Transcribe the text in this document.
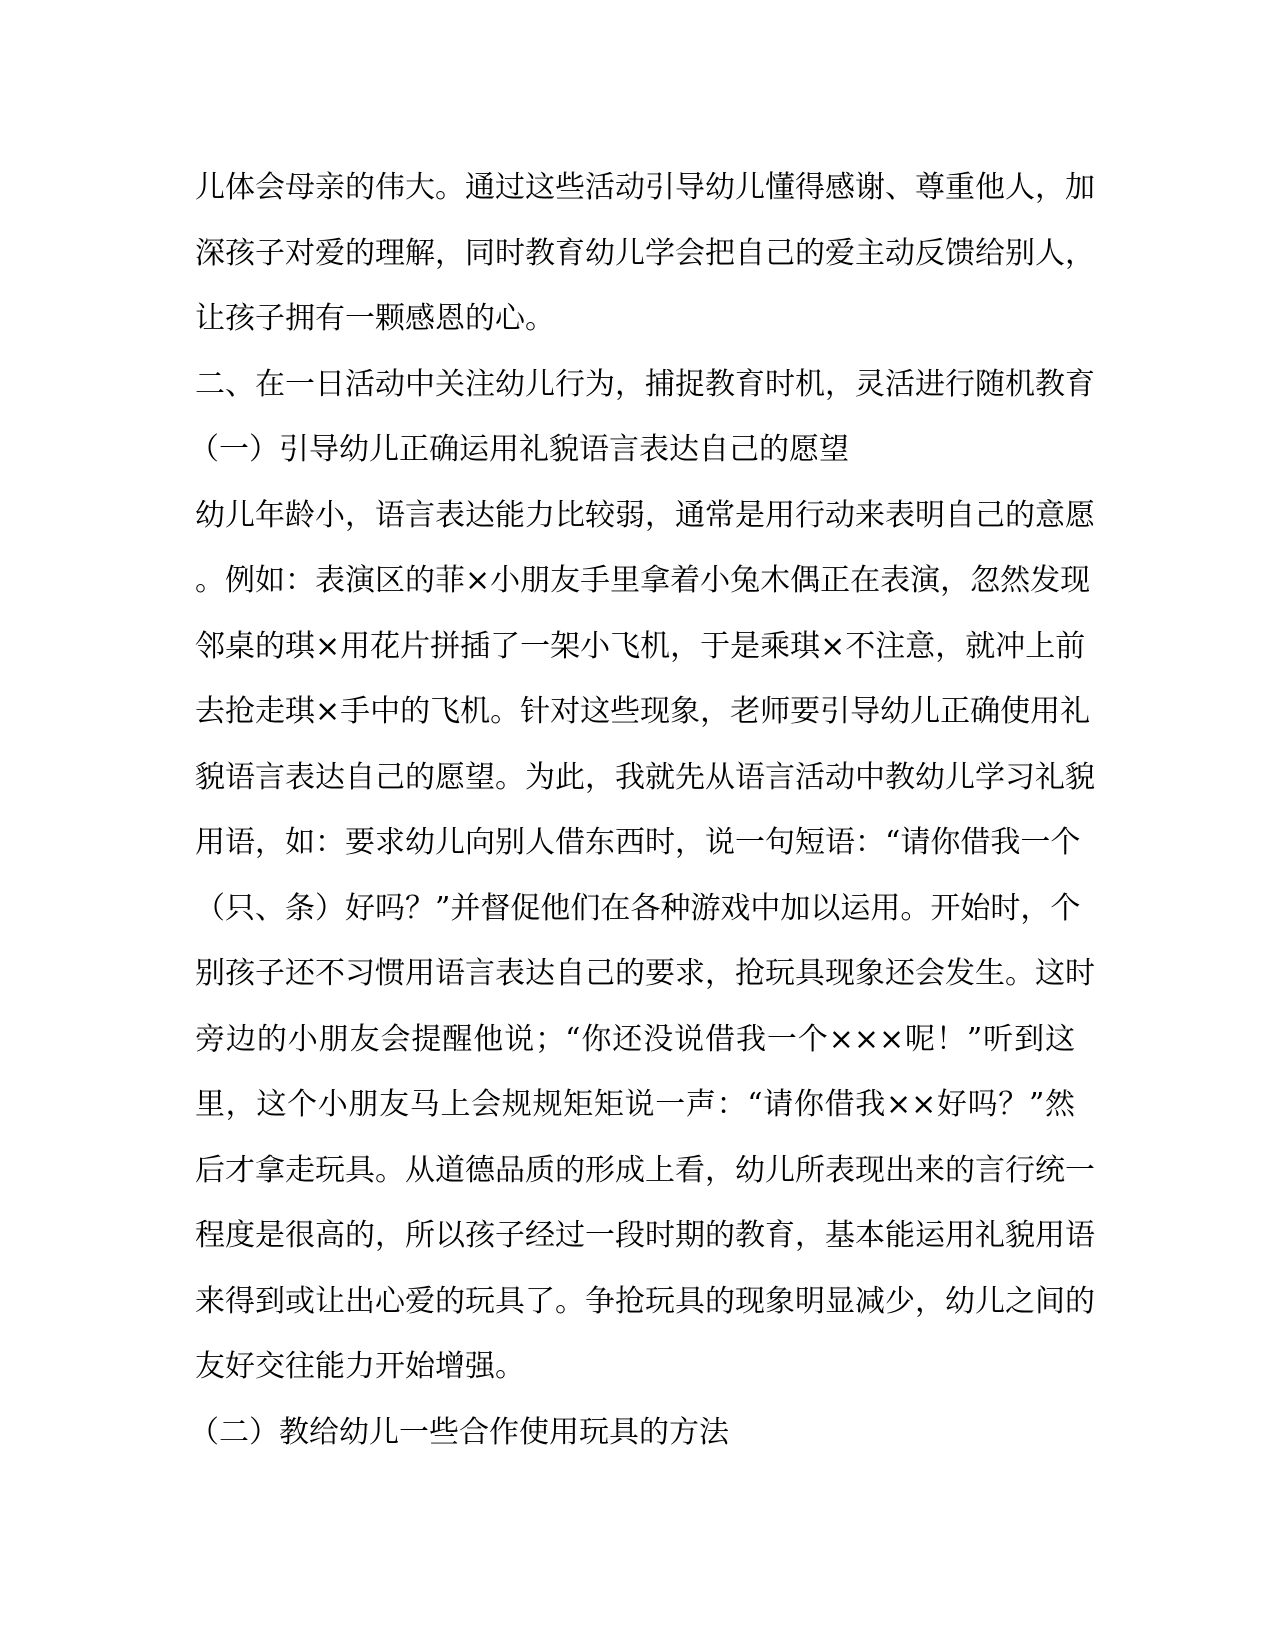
儿体会母亲的伟大。通过这些活动引导幼儿懂得感谢、尊重他人，加
深孩子对爱的理解，同时教育幼儿学会把自己的爱主动反馈给别人，
让孩子拥有一颗感恩的心。
二、在一日活动中关注幼儿行为，捕捉教育时机，灵活进行随机教育
（一）引导幼儿正确运用礼貌语言表达自己的愿望
幼儿年龄小，语言表达能力比较弱，通常是用行动来表明自己的意愿
。例如：表演区的菲×小朋友手里拿着小兔木偶正在表演，忽然发现
邻桌的琪×用花片拼插了一架小飞机，于是乘琪×不注意，就冲上前
去抢走琪×手中的飞机。针对这些现象，老师要引导幼儿正确使用礼
貌语言表达自己的愿望。为此，我就先从语言活动中教幼儿学习礼貌
用语，如：要求幼儿向别人借东西时，说一句短语：“请你借我一个
（只、条）好吗？”并督促他们在各种游戏中加以运用。开始时，个
别孩子还不习惯用语言表达自己的要求，抢玩具现象还会发生。这时
旁边的小朋友会提醒他说；“你还没说借我一个×××呢！”听到这
里，这个小朋友马上会规规矩矩说一声：“请你借我××好吗？”然
后才拿走玩具。从道德品质的形成上看，幼儿所表现出来的言行统一
程度是很高的，所以孩子经过一段时期的教育，基本能运用礼貌用语
来得到或让出心爱的玩具了。争抢玩具的现象明显减少，幼儿之间的
友好交往能力开始增强。
（二）教给幼儿一些合作使用玩具的方法
